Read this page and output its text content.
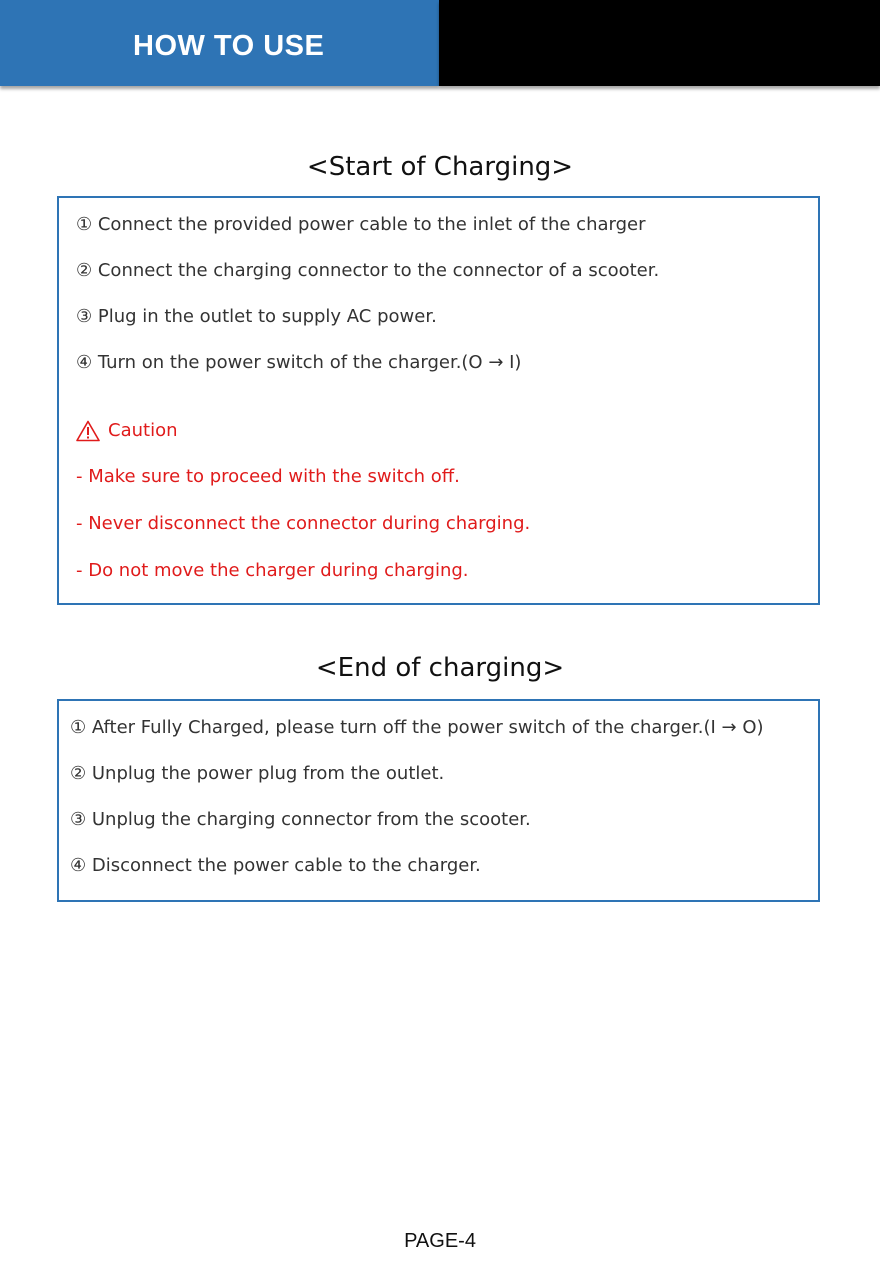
HOW TO USE
<Start of Charging>
① Connect the provided power cable to the inlet of the charger
② Connect the charging connector to the connector of a scooter.
③ Plug in the outlet to supply AC power.
④ Turn on the power switch of the charger.(O → I)
Caution
- Make sure to proceed with the switch off.
- Never disconnect the connector during charging.
- Do not move the charger during charging.
<End of charging>
① After Fully Charged, please turn off the power switch of the charger.(I → O)
② Unplug the power plug from the outlet.
③ Unplug the charging connector from the scooter.
④ Disconnect the power cable to the charger.
PAGE-4
